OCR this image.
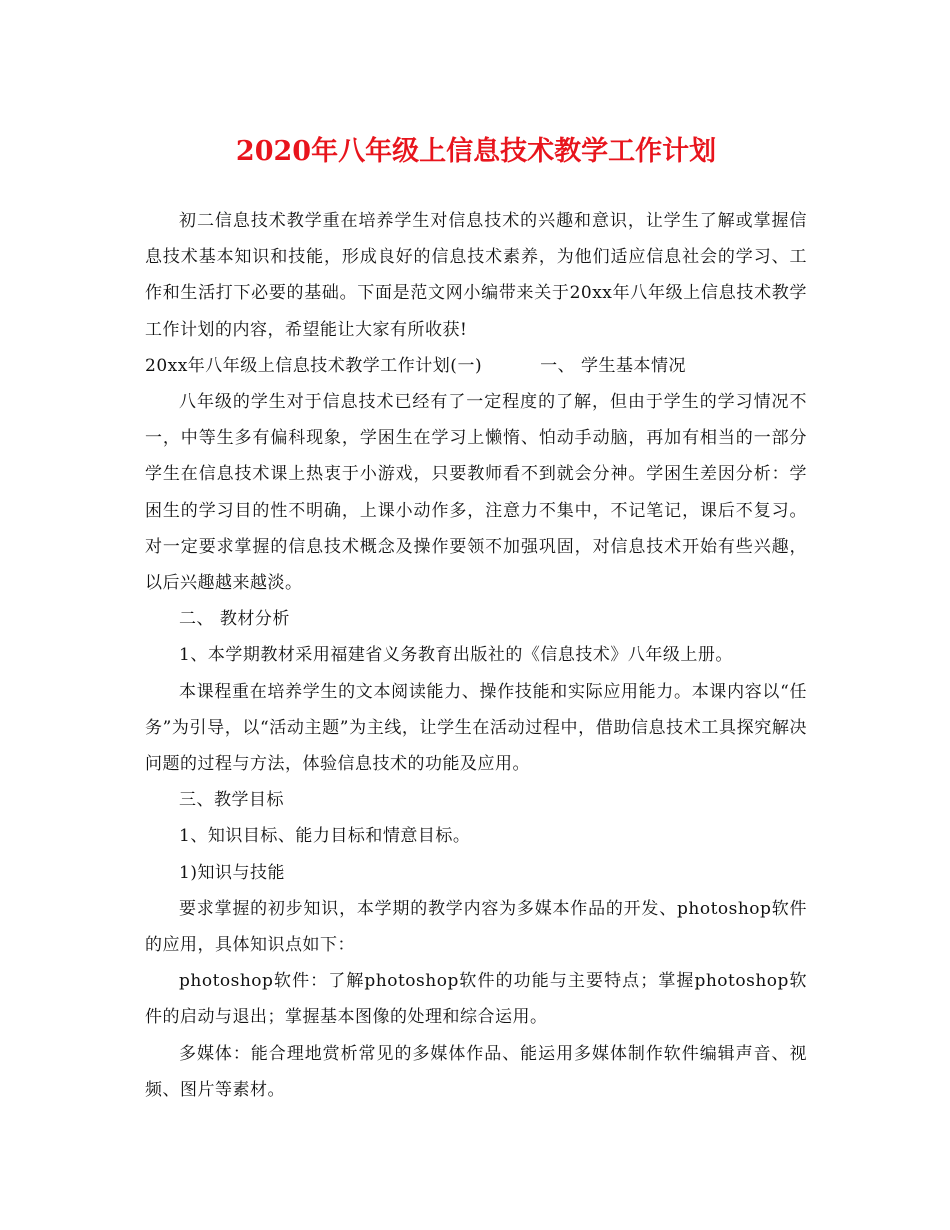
2020年八年级上信息技术教学工作计划

初二信息技术教学重在培养学生对信息技术的兴趣和意识，让学生了解或掌握信息技术基本知识和技能，形成良好的信息技术素养，为他们适应信息社会的学习、工作和生活打下必要的基础。下面是范文网小编带来关于20xx年八年级上信息技术教学工作计划的内容，希望能让大家有所收获!

20xx年八年级上信息技术教学工作计划(一)	一、 学生基本情况

八年级的学生对于信息技术已经有了一定程度的了解，但由于学生的学习情况不一，中等生多有偏科现象，学困生在学习上懒惰、怕动手动脑，再加有相当的一部分学生在信息技术课上热衷于小游戏，只要教师看不到就会分神。学困生差因分析：学困生的学习目的性不明确，上课小动作多，注意力不集中，不记笔记，课后不复习。对一定要求掌握的信息技术概念及操作要领不加强巩固，对信息技术开始有些兴趣，以后兴趣越来越淡。

二、 教材分析

1、本学期教材采用福建省义务教育出版社的《信息技术》八年级上册。

本课程重在培养学生的文本阅读能力、操作技能和实际应用能力。本课内容以“任务”为引导，以“活动主题”为主线，让学生在活动过程中，借助信息技术工具探究解决问题的过程与方法，体验信息技术的功能及应用。

三、教学目标

1、知识目标、能力目标和情意目标。

1)知识与技能

要求掌握的初步知识，本学期的教学内容为多媒本作品的开发、photoshop软件的应用，具体知识点如下：

photoshop软件：了解photoshop软件的功能与主要特点；掌握photoshop软件的启动与退出；掌握基本图像的处理和综合运用。

多媒体：能合理地赏析常见的多媒体作品、能运用多媒体制作软件编辑声音、视频、图片等素材。
